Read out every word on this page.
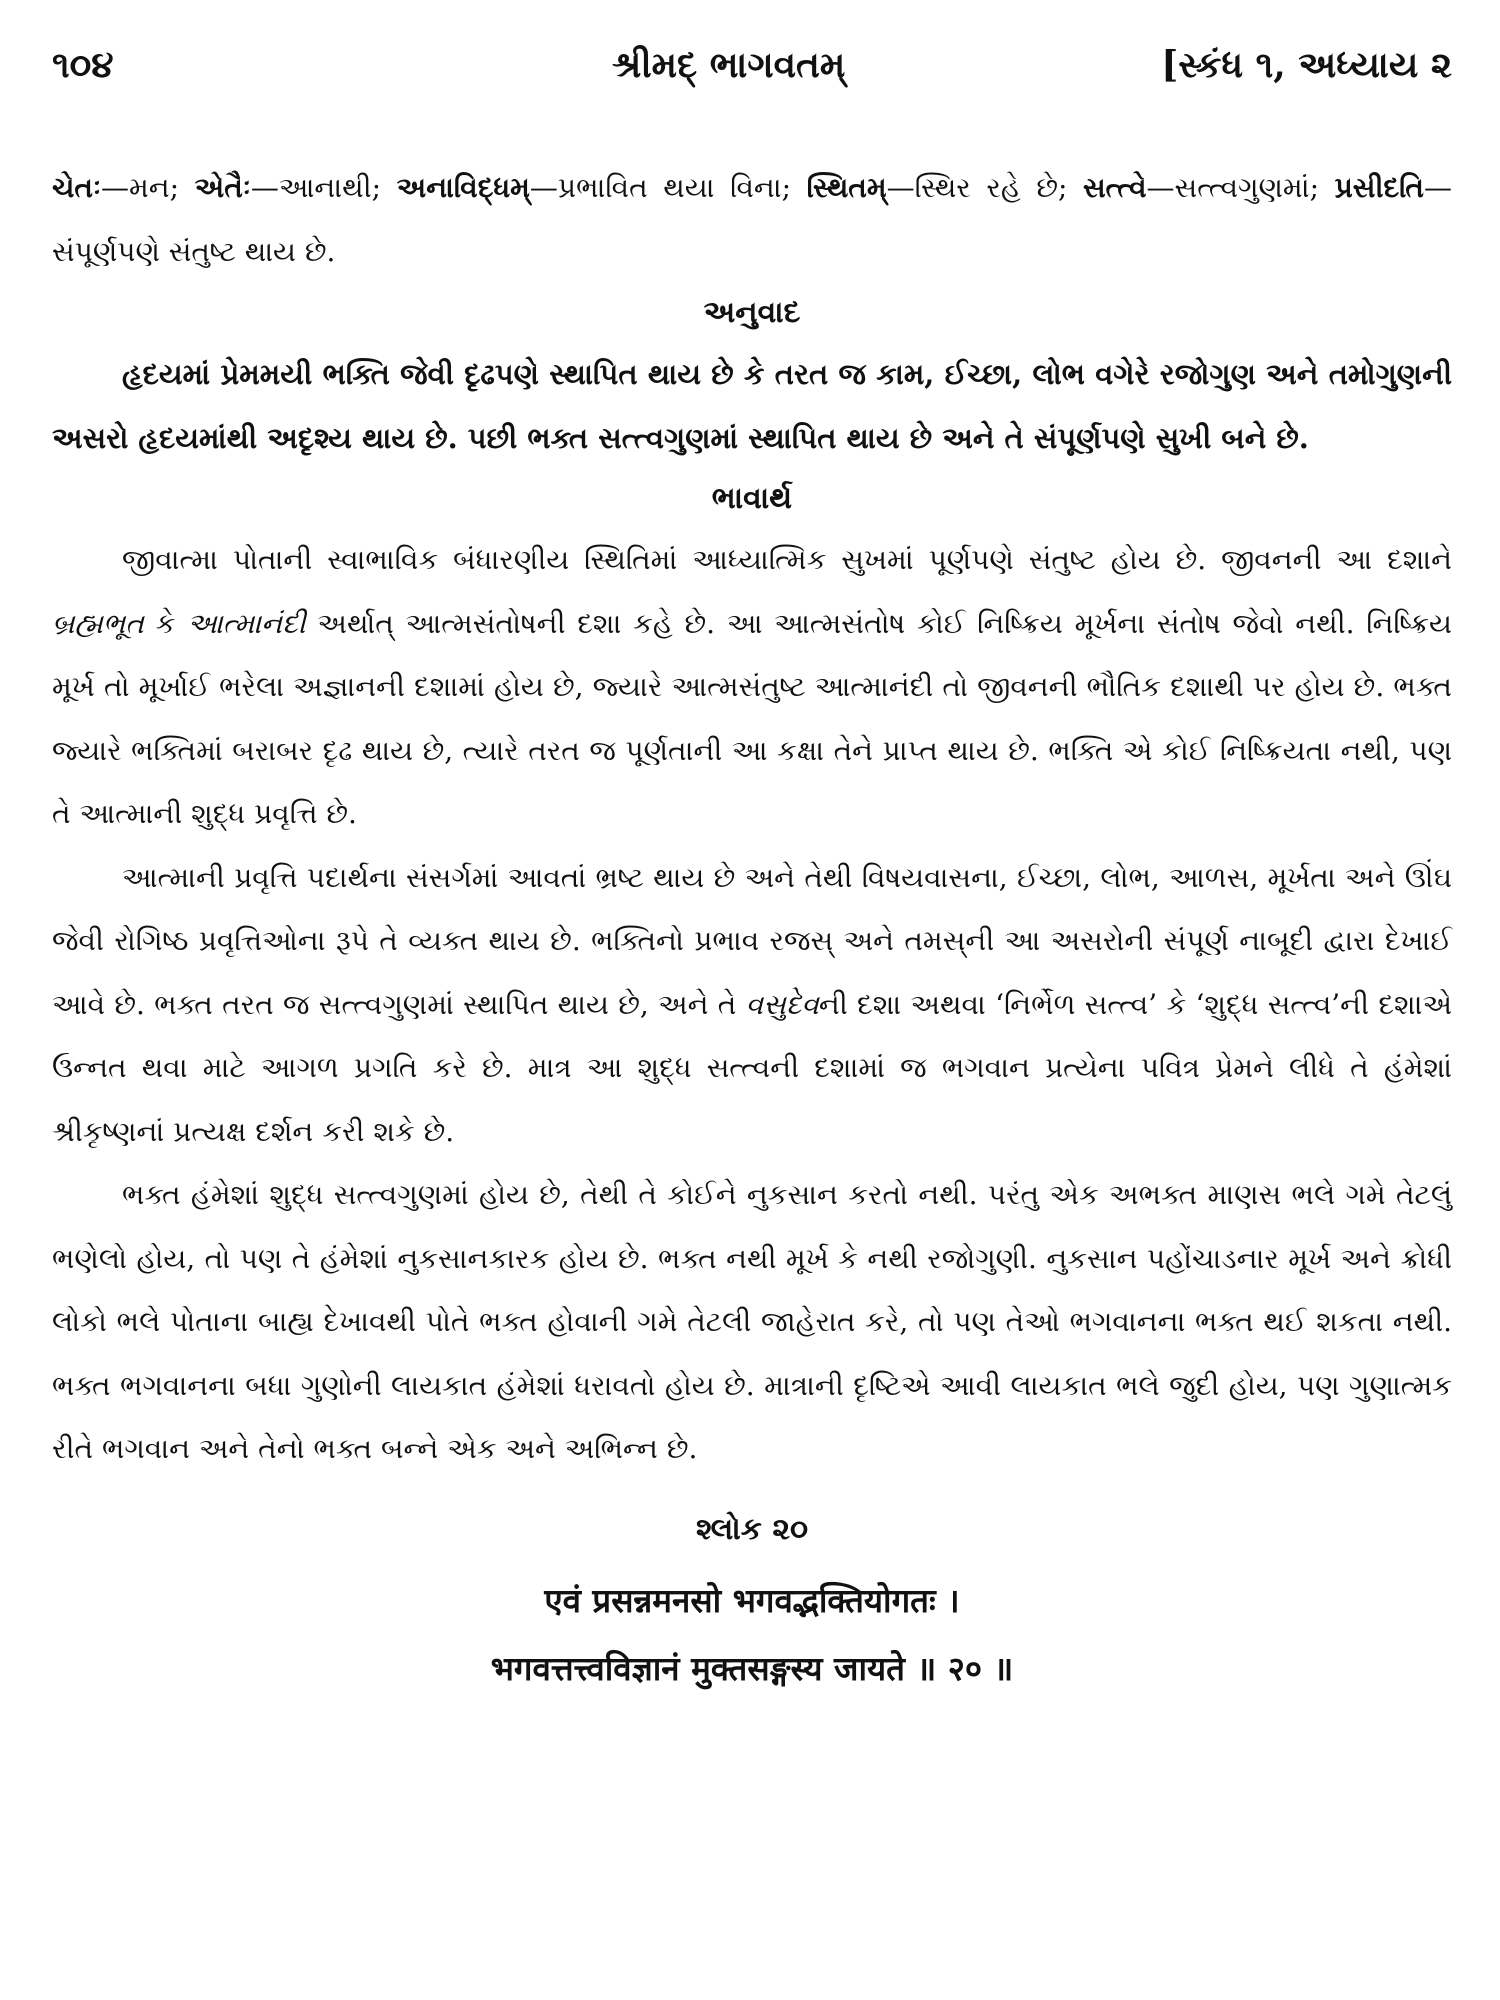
૧૦૪	શ્રીમદ્ ભાગવતમ્	[સ્કંધ ૧, અધ્યાય ૨
ચેતઃ—મન; એતૈઃ—આનાથી; અનાવિદ્ધમ્—પ્રભાવિત થયા વિના; સ્થિતમ્—સ્થિર રહે છે; સત્ત્વે—સત્ત્વગુણમાં; પ્રસીદતિ—સંપૂર્ણપણે સંતુષ્ટ થાય છે.
અનુવાદ

હૃદયમાં પ્રેમમયી ભક્તિ જેવી દૃઢપણે સ્થાપિત થાય છે કે તરત જ કામ, ઈચ્છા, લોભ વગેરે રજોગુણ અને તમોગુણની અસરો હૃદયમાંથી અદૃશ્ય થાય છે. પછી ભક્ત સત્ત્વગુણમાં સ્થાપિત થાય છે અને તે સંપૂર્ણપણે સુખી બને છે.

ભાવાર્થ

જીવાત્મા પોતાની સ્વાભાવિક બંધારણીય સ્થિતિમાં આધ્યાત્મિક સુખમાં પૂર્ણપણે સંતુષ્ટ હોય છે. જીવનની આ દશાને બ્રહ્મભૂત કે આત્માનંદી અર્થાત્ આત્મસંતોષની દશા કહે છે. આ આત્મસંતોષ કોઈ નિષ્ક્રિય મૂર્ખના સંતોષ જેવો નથી. નિષ્ક્રિય મૂર્ખ તો મૂર્ખાઈ ભરેલા અજ્ઞાનની દશામાં હોય છે, જ્યારે આત્મસંતુષ્ટ આત્માનંદી તો જીવનની ભૌતિક દશાથી પર હોય છે. ભક્ત જ્યારે ભક્તિમાં બરાબર દૃઢ થાય છે, ત્યારે તરત જ પૂર્ણતાની આ કક્ષા તેને પ્રાપ્ત થાય છે. ભક્તિ એ કોઈ નિષ્ક્રિયતા નથી, પણ તે આત્માની શુદ્ધ પ્રવૃત્તિ છે.

આત્માની પ્રવૃત્તિ પદાર્થના સંસર્ગમાં આવતાં ભ્રષ્ટ થાય છે અને તેથી વિષયવાસના, ઈચ્છા, લોભ, આળસ, મૂર્ખતા અને ઊંઘ જેવી રોગિષ્ઠ પ્રવૃત્તિઓના રૂપે તે વ્યક્ત થાય છે. ભક્તિનો પ્રભાવ રજસ્ અને તમસ્‌ની આ અસરોની સંપૂર્ણ નાબૂદી દ્વારા દેખાઈ આવે છે. ભક્ત તરત જ સત્ત્વગુણમાં સ્થાપિત થાય છે, અને તે વસુદેવની દશા અથવા ‘નિર્ભેળ સત્ત્વ’ કે ‘શુદ્ધ સત્ત્વ’ની દશાએ ઉન્નત થવા માટે આગળ પ્રગતિ કરે છે. માત્ર આ શુદ્ધ સત્ત્વની દશામાં જ ભગવાન પ્રત્યેના પવિત્ર પ્રેમને લીધે તે હંમેશાં શ્રીકૃષ્ણનાં પ્રત્યક્ષ દર્શન કરી શકે છે.

ભક્ત હંમેશાં શુદ્ધ સત્ત્વગુણમાં હોય છે, તેથી તે કોઈને નુકસાન કરતો નથી. પરંતુ એક અભક્ત માણસ ભલે ગમે તેટલું ભણેલો હોય, તો પણ તે હંમેશાં નુકસાનકારક હોય છે. ભક્ત નથી મૂર્ખ કે નથી રજોગુણી. નુકસાન પહોંચાડનાર મૂર્ખ અને ક્રોધી લોકો ભલે પોતાના બાહ્ય દેખાવથી પોતે ભક્ત હોવાની ગમે તેટલી જાહેરાત કરે, તો પણ તેઓ ભગવાનના ભક્ત થઈ શકતા નથી. ભક્ત ભગવાનના બધા ગુણોની લાયકાત હંમેશાં ધરાવતો હોય છે. માત્રાની દૃષ્ટિએ આવી લાયકાત ભલે જુદી હોય, પણ ગુણાત્મક રીતે ભગવાન અને તેનો ભક્ત બન્ને એક અને અભિન્ન છે.

શ્લોક ૨૦
एवं प्रसन्नमनसो भगवद्भक्तियोगतः ।
भगवत्तत्त्वविज्ञानं मुक्तसङ्गस्य जायते ॥ २० ॥
